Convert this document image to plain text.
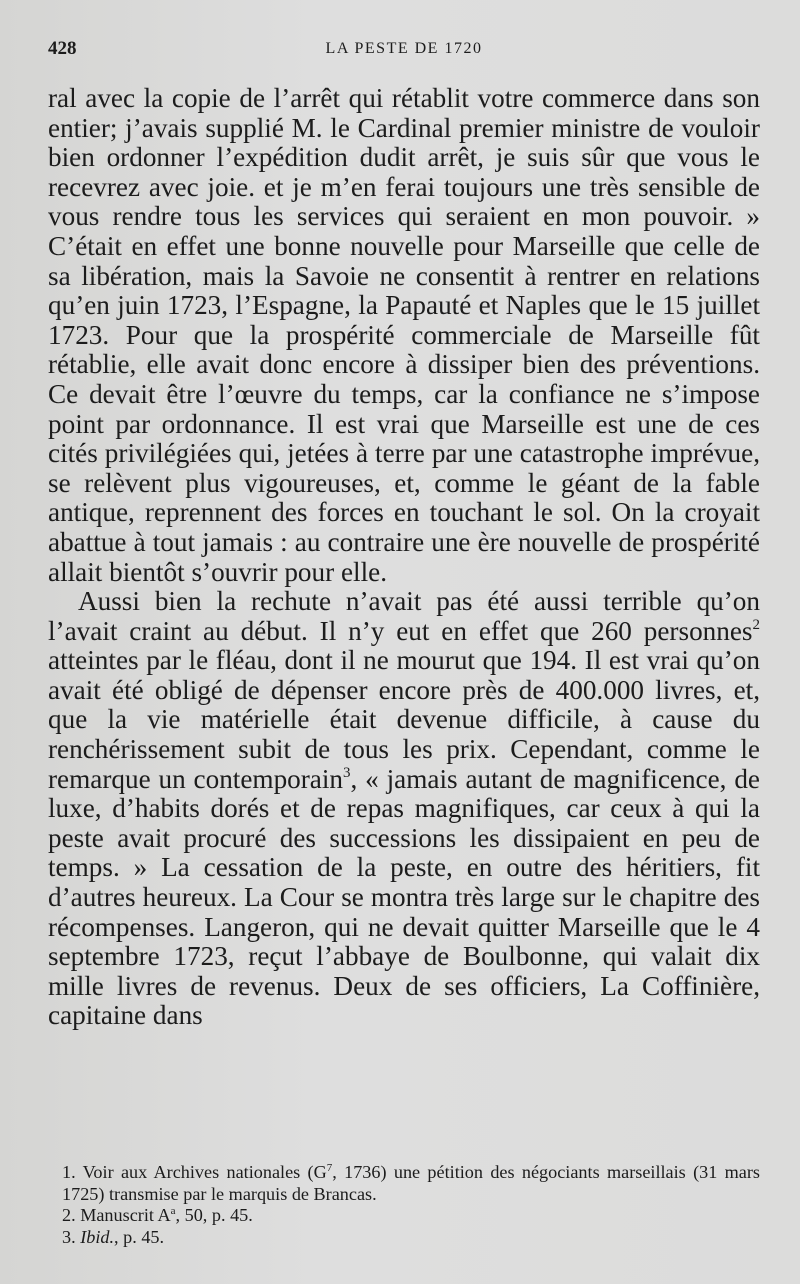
428	LA PESTE DE 1720

ral avec la copie de l’arrêt qui rétablit votre commerce dans son entier; j’avais supplié M. le Cardinal premier ministre de vouloir bien ordonner l’expédition dudit arrêt, je suis sûr que vous le recevrez avec joie. et je m’en ferai toujours une très sensible de vous rendre tous les services qui seraient en mon pouvoir. » C’était en effet une bonne nouvelle pour Marseille que celle de sa libération, mais la Savoie ne consentit à rentrer en relations qu’en juin 1723, l’Espagne, la Papauté et Naples que le 15 juillet 1723. Pour que la prospérité commerciale de Marseille fût rétablie, elle avait donc encore à dissiper bien des préventions. Ce devait être l’œuvre du temps, car la confiance ne s’impose point par ordonnance. Il est vrai que Marseille est une de ces cités privilégiées qui, jetées à terre par une catastrophe imprévue, se relèvent plus vigoureuses, et, comme le géant de la fable antique, reprennent des forces en touchant le sol. On la croyait abattue à tout jamais : au contraire une ère nouvelle de prospérité allait bientôt s’ouvrir pour elle.

Aussi bien la rechute n’avait pas été aussi terrible qu’on l’avait craint au début. Il n’y eut en effet que 260 personnes$^2$ atteintes par le fléau, dont il ne mourut que 194. Il est vrai qu’on avait été obligé de dépenser encore près de 400.000 livres, et, que la vie matérielle était devenue difficile, à cause du renchérissement subit de tous les prix. Cependant, comme le remarque un contemporain$^3$, « jamais autant de magnificence, de luxe, d’habits dorés et de repas magnifiques, car ceux à qui la peste avait procuré des successions les dissipaient en peu de temps. » La cessation de la peste, en outre des héritiers, fit d’autres heureux. La Cour se montra très large sur le chapitre des récompenses. Langeron, qui ne devait quitter Marseille que le 4 septembre 1723, reçut l’abbaye de Boulbonne, qui valait dix mille livres de revenus. Deux de ses officiers, La Coffinière, capitaine dans

1. Voir aux Archives nationales (G$^7$, 1736) une pétition des négociants marseillais (31 mars 1725) transmise par le marquis de Brancas.

2. Manuscrit A$^a$, 50, p. 45.

3. Ibid., p. 45.
